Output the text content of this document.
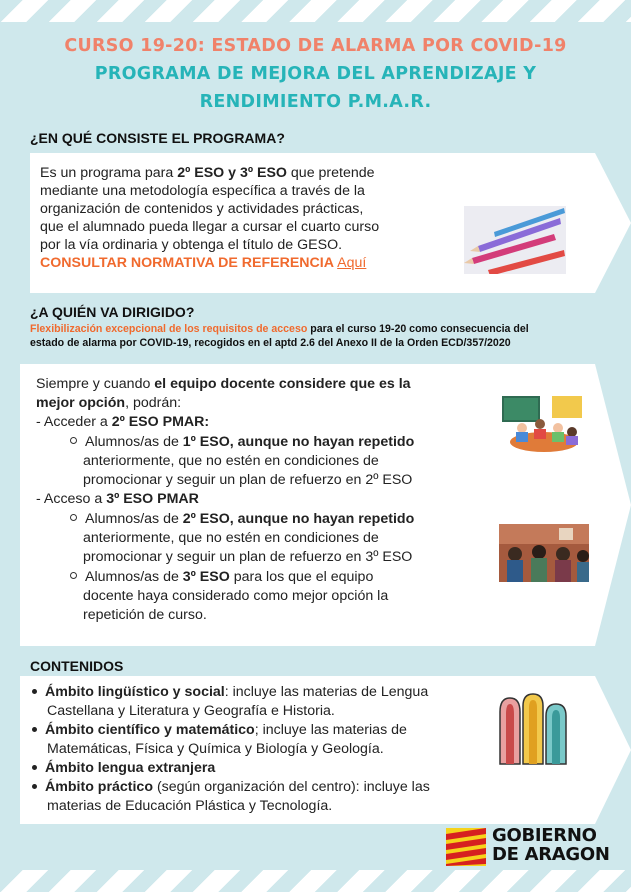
CURSO 19-20: ESTADO DE ALARMA POR COVID-19
PROGRAMA DE MEJORA DEL APRENDIZAJE Y
RENDIMIENTO P.M.A.R.
¿EN QUÉ CONSISTE EL PROGRAMA?
Es un programa para 2º ESO y 3º ESO que pretende
mediante una metodología específica a través de la
organización de contenidos y actividades prácticas,
que el alumnado pueda llegar a cursar el cuarto curso
por la vía ordinaria y obtenga el título de GESO.
CONSULTAR NORMATIVA DE REFERENCIA Aquí
¿A QUIÉN VA DIRIGIDO?
Flexibilización excepcional de los requisitos de acceso para el curso 19-20 como consecuencia del
estado de alarma por COVID-19, recogidos en el aptd 2.6 del Anexo II de la Orden ECD/357/2020
Siempre y cuando el equipo docente considere que es la
mejor opción, podrán:
- Acceder a 2º ESO PMAR:
Alumnos/as de 1º ESO, aunque no hayan repetido
anteriormente, que no estén en condiciones de
promocionar y seguir un plan de refuerzo en 2º ESO
- Acceso a 3º ESO PMAR
Alumnos/as de 2º ESO, aunque no hayan repetido
anteriormente, que no estén en condiciones de
promocionar y seguir un plan de refuerzo en 3º ESO
Alumnos/as de 3º ESO para los que el equipo
docente haya considerado como mejor opción la
repetición de curso.
CONTENIDOS
Ámbito lingüístico y social: incluye las materias de Lengua
Castellana y Literatura y Geografía e Historia.
Ámbito científico y matemático; incluye las materias de
Matemáticas, Física y Química y Biología y Geología.
Ámbito lengua extranjera
Ámbito práctico (según organización del centro): incluye las
materias de Educación Plástica y Tecnología.
GOBIERNO
DE ARAGON
